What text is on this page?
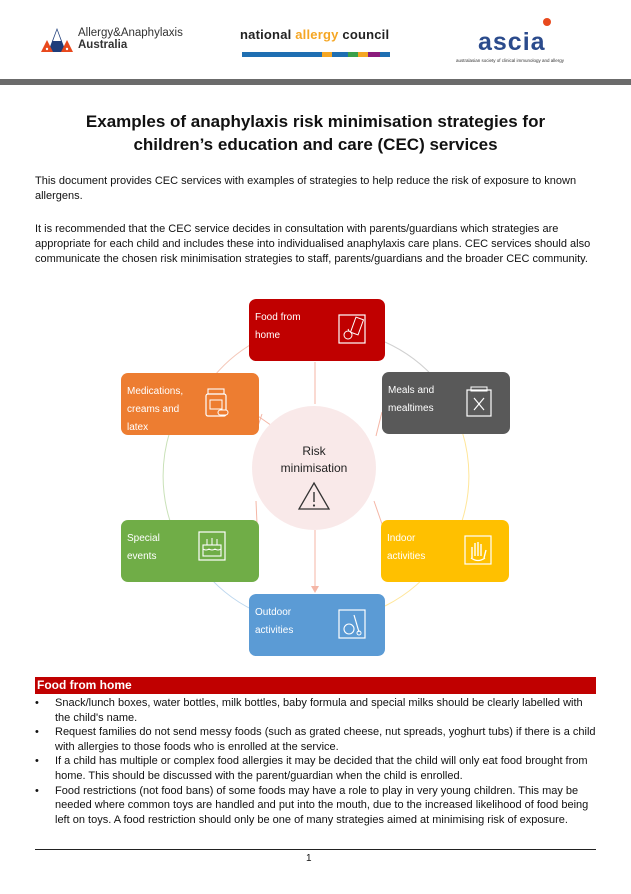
Allergy&Anaphylaxis
Australia
national allergy council	ascia
australasian society of clinical immunology and allergy
Examples of anaphylaxis risk minimisation strategies for
children’s education and care (CEC) services

This document provides CEC services with examples of strategies to help reduce the risk of exposure to known allergens.

It is recommended that the CEC service decides in consultation with parents/guardians which strategies are appropriate for each child and includes these into individualised anaphylaxis care plans. CEC services should also communicate the chosen risk minimisation strategies to staff, parents/guardians and the broader CEC community.

Risk
minimisation
Food from
home
Meals and
mealtimes
Indoor
activities
Outdoor
activities
Special
events
Medications,
creams and
latex
Food from home
• Snack/lunch boxes, water bottles, milk bottles, baby formula and special milks should be clearly labelled with the child's name.
• Request families do not send messy foods (such as grated cheese, nut spreads, yoghurt tubs) if there is a child with allergies to those foods who is enrolled at the service.
• If a child has multiple or complex food allergies it may be decided that the child will only eat food brought from home. This should be discussed with the parent/guardian when the child is enrolled.
• Food restrictions (not food bans) of some foods may have a role to play in very young children. This may be needed where common toys are handled and put into the mouth, due to the increased likelihood of food being left on toys. A food restriction should only be one of many strategies aimed at minimising risk of exposure.
1
